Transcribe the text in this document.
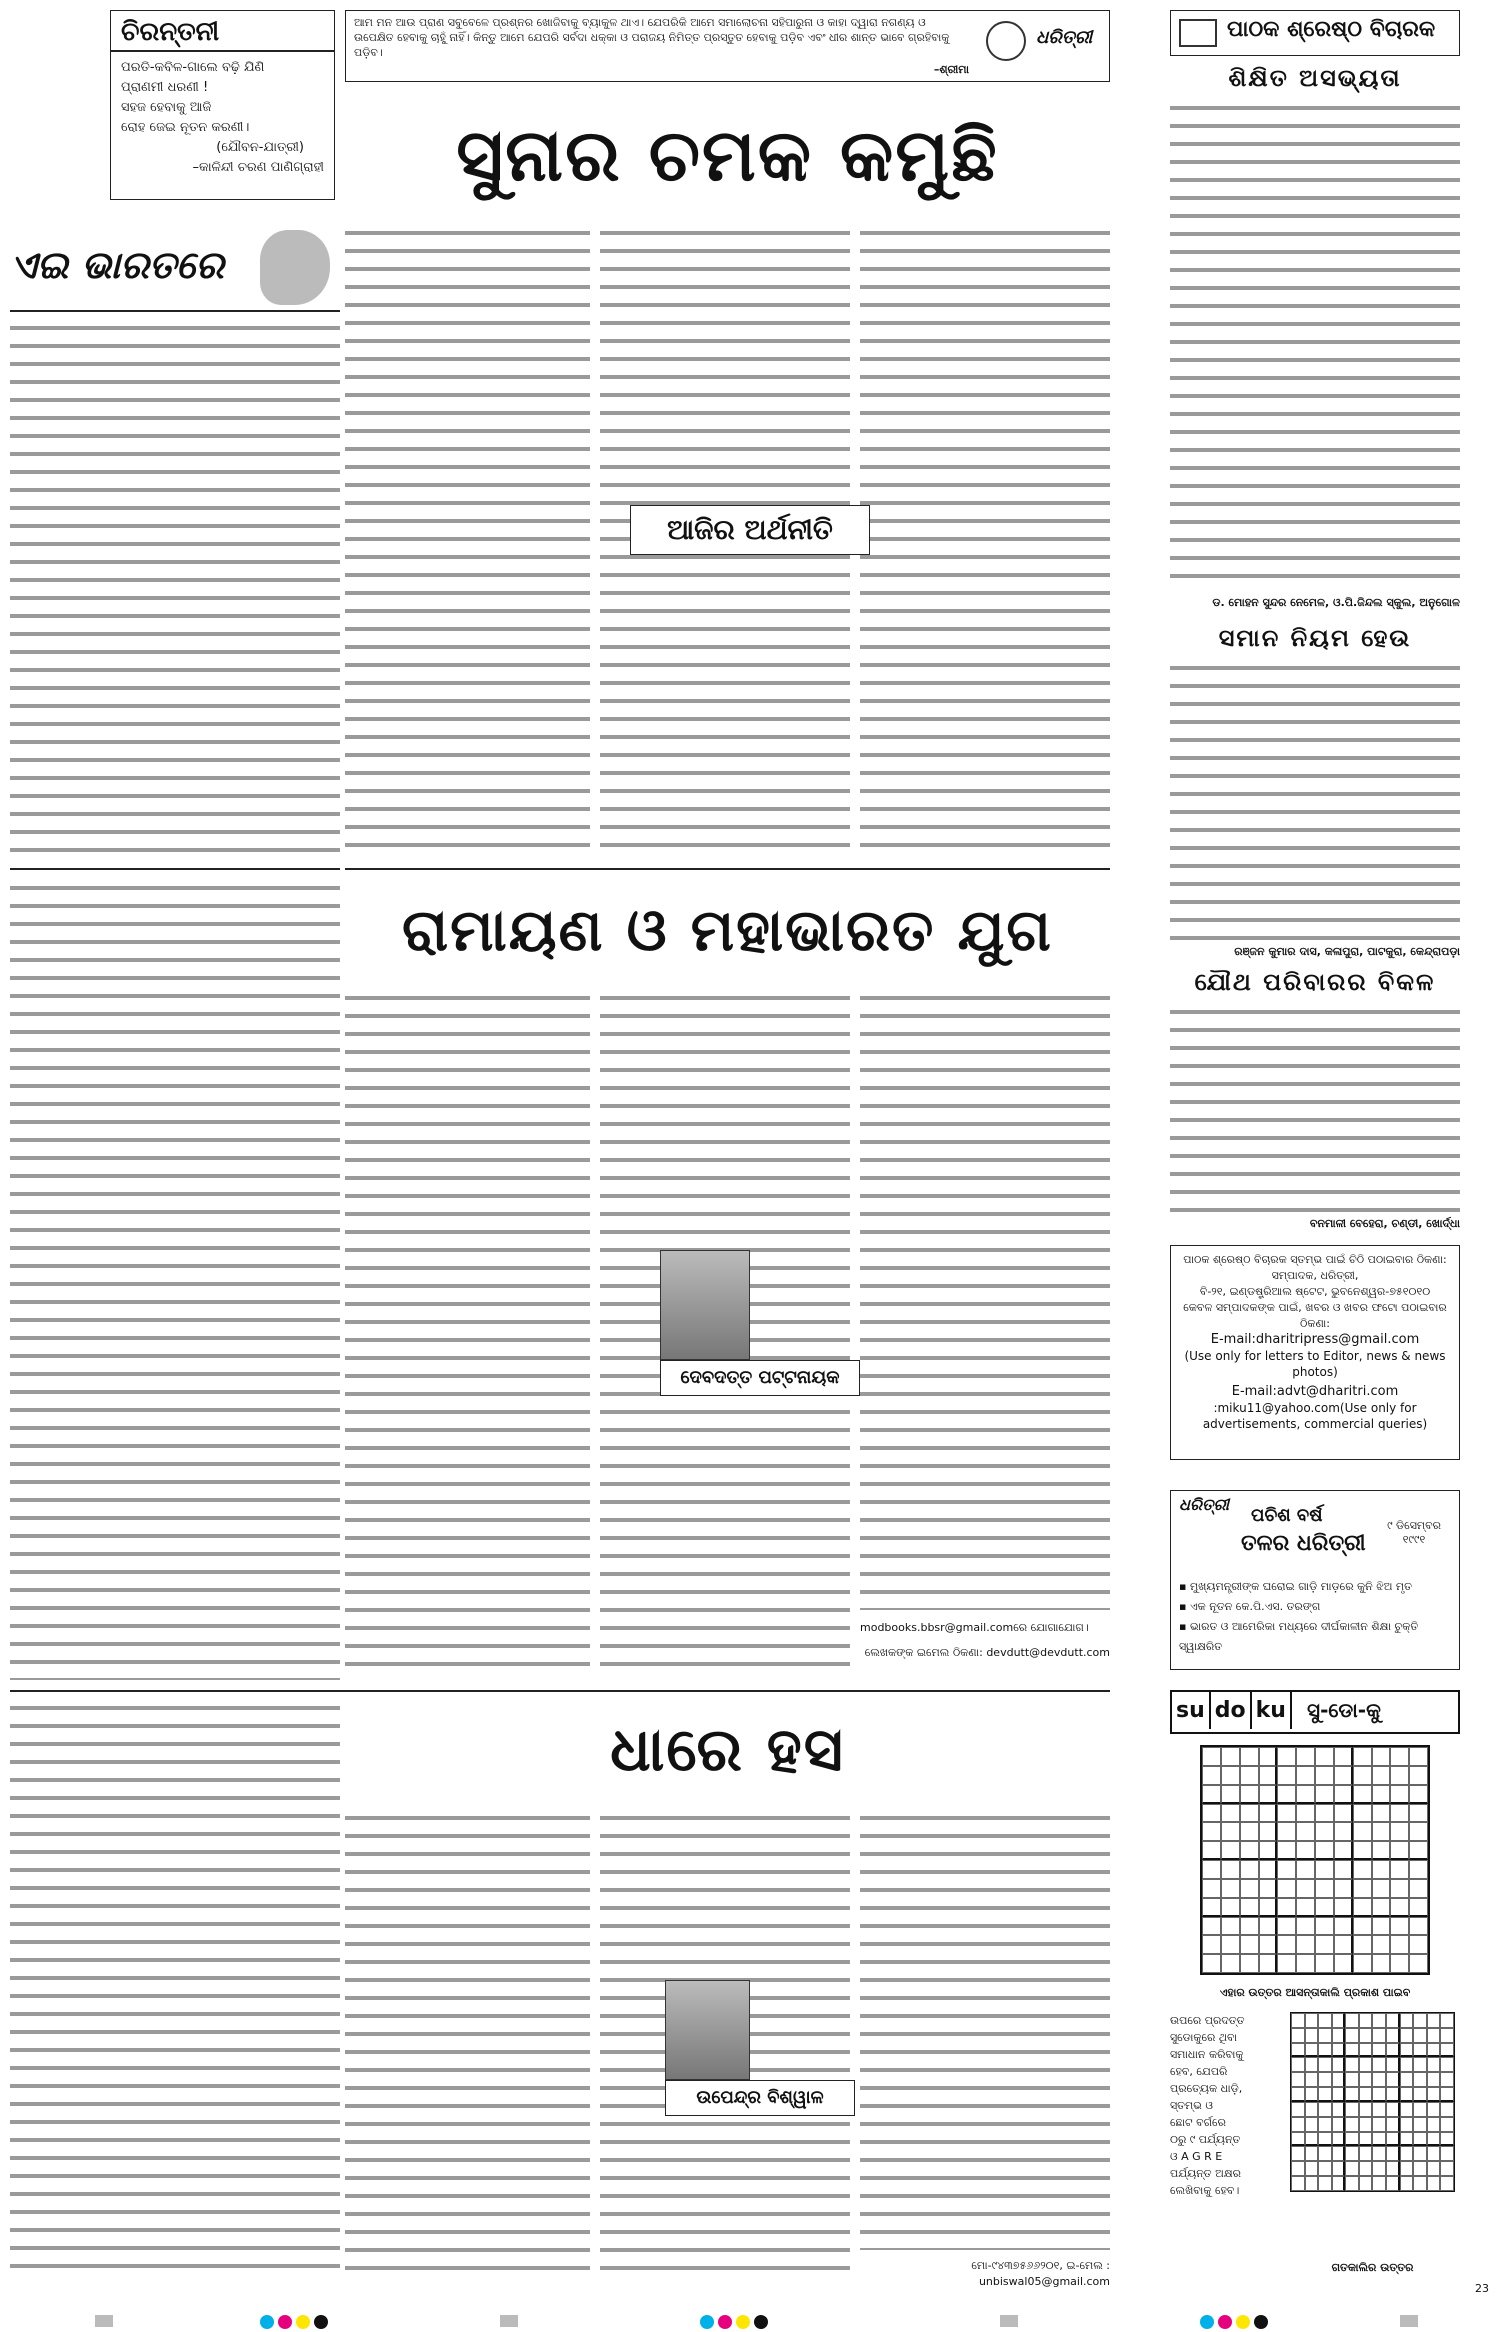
ଚିରନ୍ତନୀ
ପରତି-କବିଳ-ଗାଲେ ବଢ଼ି ଯିଣି
ପ୍ରାଣମୀ ଧରଣୀ !
ସହଜ ହେବାକୁ ଆଜି
ରୋହ ଜେଇ ନୂତନ କରଣୀ।
(ଯୌବନ-ଯାତ୍ରୀ)
–କାଳିନ୍ଦୀ ଚରଣ ପାଣିଗ୍ରାହୀ
ଆମ ମନ ଆଉ ପ୍ରାଣ ସବୁବେଳେ ପ୍ରଶ୍ନର ଖୋଜିବାକୁ ବ୍ୟାକୁଳ ଥାଏ। ଯେପରିକି ଆମେ ସମାଲୋଚନା ସହିପାରୁନା ଓ କାହା ଦ୍ୱାରା ନଗଣ୍ୟ ଓ ଉପେକ୍ଷିତ ହେବାକୁ ଚାହୁଁ ନାହିଁ। କିନ୍ତୁ ଆମେ ଯେପରି ସର୍ବଦା ଧକ୍କା ଓ ପରାଜୟ ନିମିତ୍ତ ପ୍ରସ୍ତୁତ ହେବାକୁ ପଡ଼ିବ ଏବଂ ଧୀର ଶାନ୍ତ ଭାବେ ଗ୍ରହିବାକୁ ପଡ଼ିବ।
–ଶ୍ରୀମା
ଧରିତ୍ରୀ
ସୁନାର ଚମକ କମୁଛି
ଏଇ ଭାରତରେ
ଆଜିର ଅର୍ଥନୀତି
ପାଠକ ଶ୍ରେଷ୍ଠ ବିଚାରକ
ଶିକ୍ଷିତ ଅସଭ୍ୟତା
ଡ. ମୋହନ ସୁନ୍ଦର ନେମେଳ, ଓ.ପି.ଜିନ୍ଦଲ ସ୍କୁଲ, ଅନୁଗୋଳ
ସମାନ ନିୟମ ହେଉ
ରଞ୍ଜନ କୁମାର ଦାସ, କଳାପୁରା, ପାଟକୁରା, କେନ୍ଦ୍ରାପଡ଼ା
ଯୌଥ ପରିବାରର ବିକଳ
ବନମାଳୀ ବେହେରା, ଚଣ୍ଡୀ, ଖୋର୍ଦ୍ଧା
ପାଠକ ଶ୍ରେଷ୍ଠ ବିଚାରକ ସ୍ତମ୍ଭ ପାଇଁ ଚିଠି ପଠାଇବାର ଠିକଣା:
ସମ୍ପାଦକ, ଧରିତ୍ରୀ,
ବି-୨୧, ଇଣ୍ଡଷ୍ଟ୍ରିଆଲ ଷ୍ଟେଟ, ଭୁବନେଶ୍ୱର-୭୫୧୦୧୦
କେବଳ ସମ୍ପାଦକଙ୍କ ପାଇଁ, ଖବର ଓ ଖବର ଫଟୋ ପଠାଇବାର ଠିକଣା:
E-mail:dharitripress@gmail.com
(Use only for letters to Editor, news & news photos)
E-mail:advt@dharitri.com
:miku11@yahoo.com(Use only for advertisements, commercial queries)
ରାମାୟଣ ଓ ମହାଭାରତ ଯୁଗ
ଦେବଦତ୍ତ ପଟ୍ଟନାୟକ
modbooks.bbsr@gmail.comରେ ଯୋଗାଯୋଗ।
ଲେଖକଙ୍କ ଇମେଲ ଠିକଣା: devdutt@devdutt.com
ଧରିତ୍ରୀ
ପଚିଶ ବର୍ଷ
ତଳର ଧରିତ୍ରୀ
୯ ଡିସେମ୍ବର ୧୯୯୧
▪ ମୁଖ୍ୟମନ୍ତ୍ରୀଙ୍କ ଘରୋଇ ଗାଡ଼ି ମାଡ଼ରେ କୁନି ଝିଅ ମୃତ
▪ ଏକ ନୂତନ କେ.ପି.ଏସ. ତରଙ୍ଗ
▪ ଭାରତ ଓ ଆମେରିକା ମଧ୍ୟରେ ଦୀର୍ଘକାଳୀନ ଶିକ୍ଷା ଚୁକ୍ତି ସ୍ୱାକ୍ଷରିତ
ଧାରେ ହସ
ଉପେନ୍ଦ୍ର ବିଶ୍ୱାଳ
ମୋ-୯୪୩୭୫୬୬୨୦୧, ଇ-ମେଲ : unbiswal05@gmail.com
su do ku ସୁ-ଡୋ-କୁ
ଏହାର ଉତ୍ତର ଆସନ୍ତାକାଲି ପ୍ରକାଶ ପାଇବ
ଉପରେ ପ୍ରଦତ୍ତ
ସୁଡୋକୁରେ ଥିବା
ସମାଧାନ କରିବାକୁ
ହେବ, ଯେପରି
ପ୍ରତ୍ୟେକ ଧାଡ଼ି,
ସ୍ତମ୍ଭ ଓ
ଛୋଟ ବର୍ଗରେ
୦ରୁ ୯ ପର୍ଯ୍ୟନ୍ତ
ଓ A G R E
ପର୍ଯ୍ୟନ୍ତ ଅକ୍ଷର
ଲେଖିବାକୁ ହେବ।
ଗତକାଲିର ଉତ୍ତର
23
